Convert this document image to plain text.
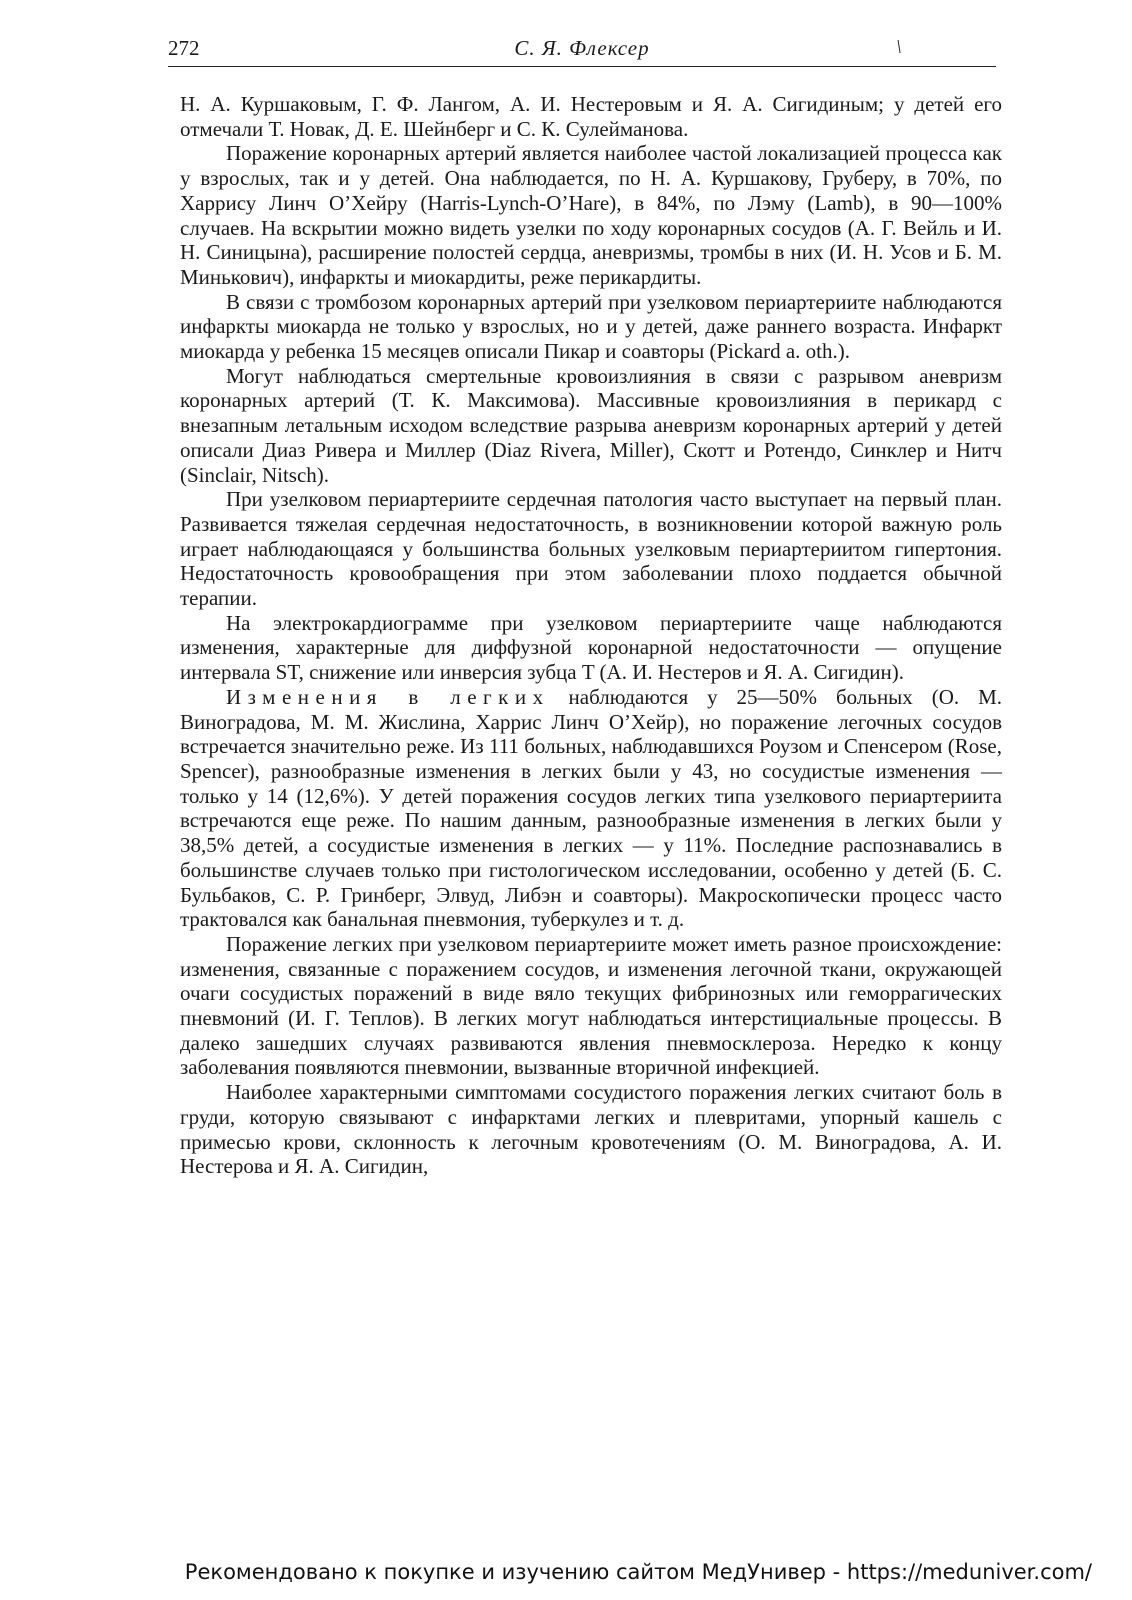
272	С. Я. Флексер	\

Н. А. Куршаковым, Г. Ф. Лангом, А. И. Нестеровым и Я. А. Сигидиным; у детей его отмечали Т. Новак, Д. Е. Шейнберг и С. К. Сулейманова.

Поражение коронарных артерий является наиболее частой локализацией процесса как у взрослых, так и у детей. Она наблюдается, по Н. А. Куршакову, Груберу, в 70%, по Харрису Линч О’Хейру (Harris-Lynch-O’Hare), в 84%, по Лэму (Lamb), в 90—100% случаев. На вскрытии можно видеть узелки по ходу коронарных сосудов (А. Г. Вейль и И. Н. Синицына), расширение полостей сердца, аневризмы, тромбы в них (И. Н. Усов и Б. М. Минькович), инфаркты и миокардиты, реже перикардиты.

В связи с тромбозом коронарных артерий при узелковом периартериите наблюдаются инфаркты миокарда не только у взрослых, но и у детей, даже раннего возраста. Инфаркт миокарда у ребенка 15 месяцев описали Пикар и соавторы (Pickard a. oth.).

Могут наблюдаться смертельные кровоизлияния в связи с разрывом аневризм коронарных артерий (Т. К. Максимова). Массивные кровоизлияния в перикард с внезапным летальным исходом вследствие разрыва аневризм коронарных артерий у детей описали Диаз Ривера и Миллер (Diaz Rivera, Miller), Скотт и Ротендо, Синклер и Нитч (Sinclair, Nitsch).

При узелковом периартериите сердечная патология часто выступает на первый план. Развивается тяжелая сердечная недостаточность, в возникновении которой важную роль играет наблюдающаяся у большинства больных узелковым периартериитом гипертония. Недостаточность кровообращения при этом заболевании плохо поддается обычной терапии.

На электрокардиограмме при узелковом периартериите чаще наблюдаются изменения, характерные для диффузной коронарной недостаточности — опущение интервала ST, снижение или инверсия зубца T (А. И. Нестеров и Я. А. Сигидин).

Изменения в легких наблюдаются у 25—50% больных (О. М. Виноградова, М. М. Жислина, Харрис Линч О’Хейр), но поражение легочных сосудов встречается значительно реже. Из 111 больных, наблюдавшихся Роузом и Спенсером (Rose, Spencer), разнообразные изменения в легких были у 43, но сосудистые изменения — только у 14 (12,6%). У детей поражения сосудов легких типа узелкового периартериита встречаются еще реже. По нашим данным, разнообразные изменения в легких были у 38,5% детей, а сосудистые изменения в легких — у 11%. Последние распознавались в большинстве случаев только при гистологическом исследовании, особенно у детей (Б. С. Бульбаков, С. Р. Гринберг, Элвуд, Либэн и соавторы). Макроскопически процесс часто трактовался как банальная пневмония, туберкулез и т. д.

Поражение легких при узелковом периартериите может иметь разное происхождение: изменения, связанные с поражением сосудов, и изменения легочной ткани, окружающей очаги сосудистых поражений в виде вяло текущих фибринозных или геморрагических пневмоний (И. Г. Теплов). В легких могут наблюдаться интерстициальные процессы. В далеко зашедших случаях развиваются явления пневмосклероза. Нередко к концу заболевания появляются пневмонии, вызванные вторичной инфекцией.

Наиболее характерными симптомами сосудистого поражения легких считают боль в груди, которую связывают с инфарктами легких и плевритами, упорный кашель с примесью крови, склонность к легочным кровотечениям (О. М. Виноградова, А. И. Нестерова и Я. А. Сигидин,

Рекомендовано к покупке и изучению сайтом МедУнивер - https://meduniver.com/
